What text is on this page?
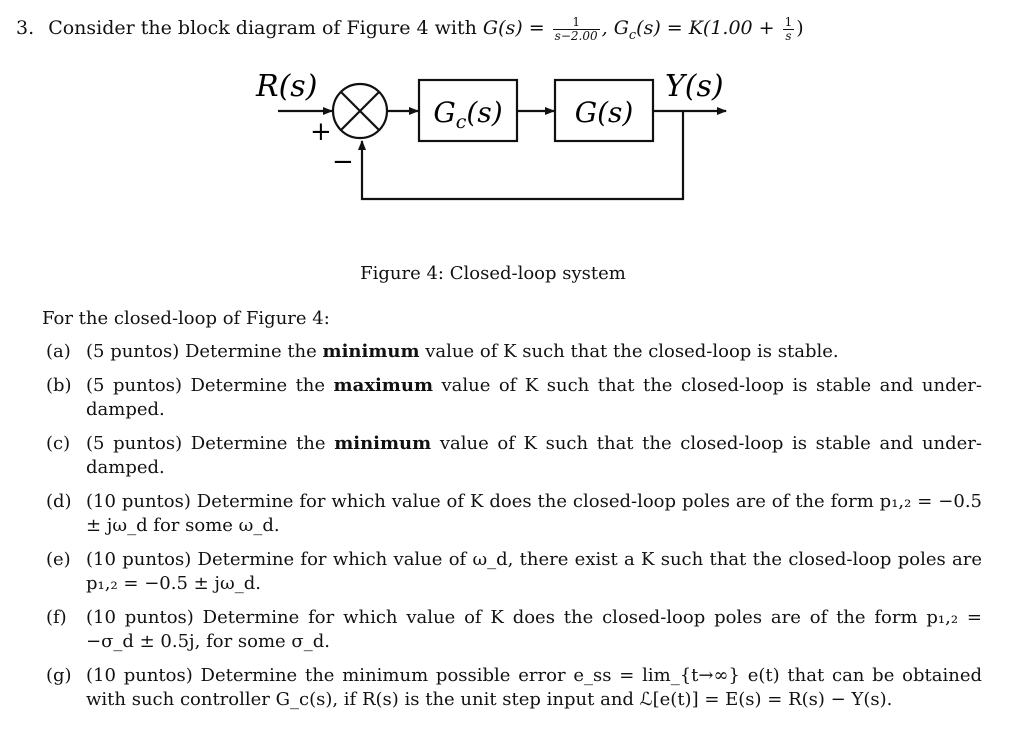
3. Consider the block diagram of Figure 4 with $G(s) = \frac{1}{s-2.00}$ , $G_c(s) = K(1.00 + \frac{1}{s}$ )
R(s)
+
−
$G_c(s)$	G(s)
Y(s)
Figure 4: Closed-loop system
For the closed-loop of Figure 4:
(a) (5 puntos) Determine the minimum value of K such that the closed-loop is stable.
(b) (5 puntos) Determine the maximum value of K such that the closed-loop is stable and under-damped.
(c) (5 puntos) Determine the minimum value of K such that the closed-loop is stable and under-damped.
(d) (10 puntos) Determine for which value of K does the closed-loop poles are of the form p₁,₂ = −0.5 ± jω_d for some ω_d.
(e) (10 puntos) Determine for which value of ω_d, there exist a K such that the closed-loop poles are p₁,₂ = −0.5 ± jω_d.
(f)	(10 puntos) Determine for which value of K does the closed-loop poles are of the form p₁,₂ = −σ_d ± 0.5j, for some σ_d.
(g) (10 puntos) Determine the minimum possible error e_ss = lim_{t→∞} e(t) that can be obtained with such controller G_c(s), if R(s) is the unit step input and ℒ[e(t)] = E(s) = R(s) − Y(s).
